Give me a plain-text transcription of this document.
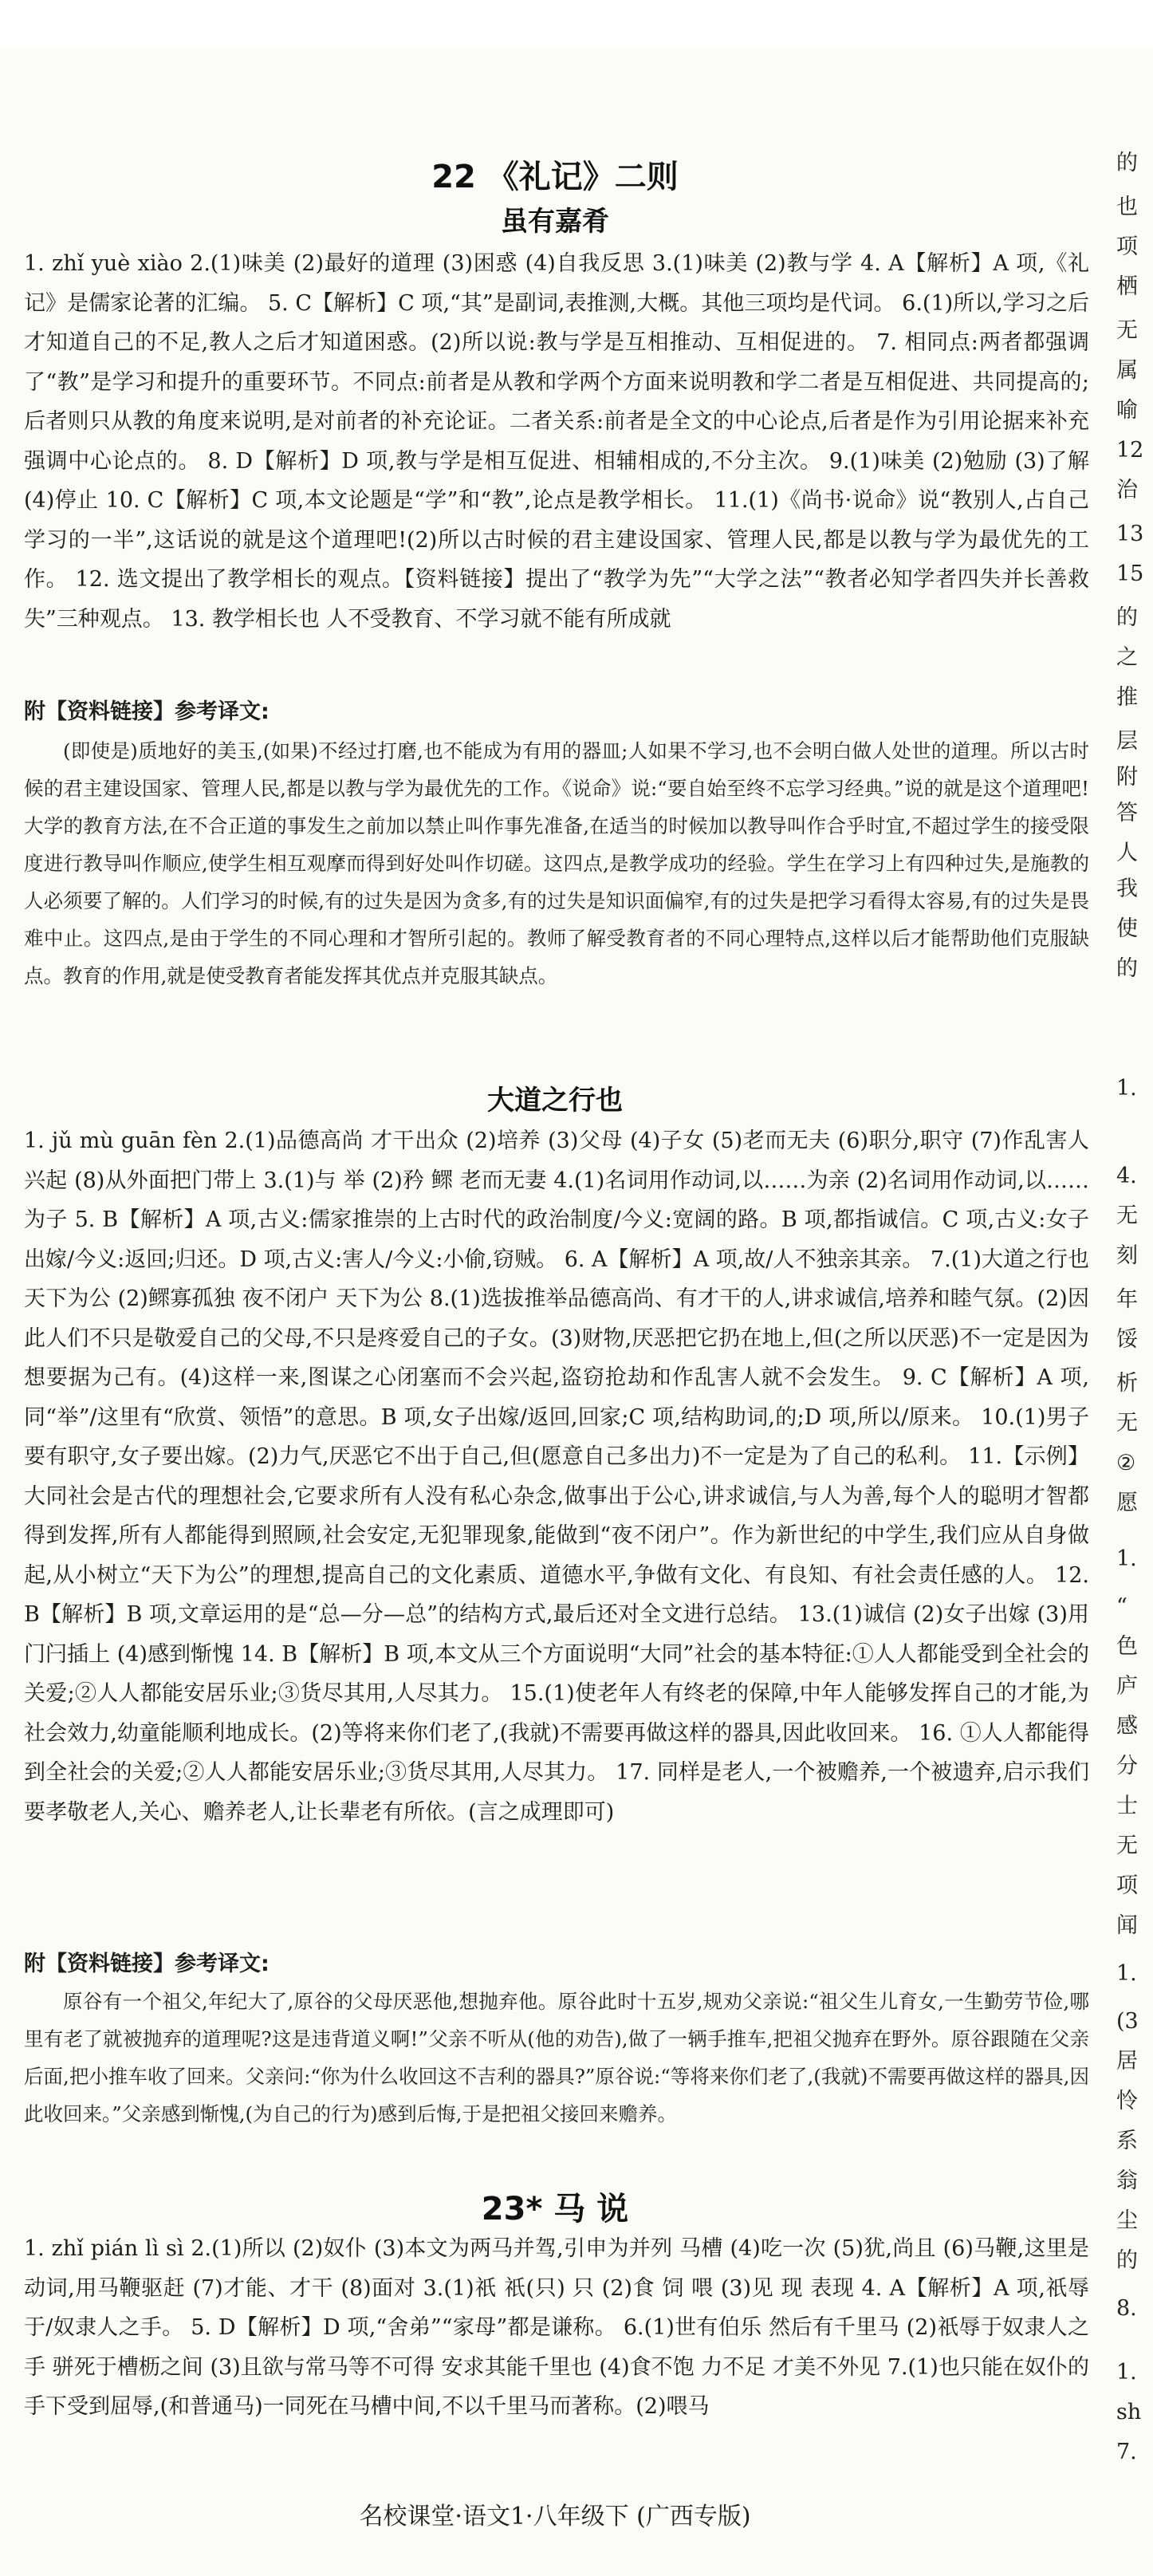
22 《礼记》二则
虽有嘉肴

1. zhǐ yuè xiào 2.(1)味美 (2)最好的道理 (3)困惑 (4)自我反思 3.(1)味美 (2)教与学 4. A【解析】A 项,《礼记》是儒家论著的汇编。 5. C【解析】C 项,“其”是副词,表推测,大概。其他三项均是代词。 6.(1)所以,学习之后才知道自己的不足,教人之后才知道困惑。(2)所以说:教与学是互相推动、互相促进的。 7. 相同点:两者都强调了“教”是学习和提升的重要环节。不同点:前者是从教和学两个方面来说明教和学二者是互相促进、共同提高的;后者则只从教的角度来说明,是对前者的补充论证。二者关系:前者是全文的中心论点,后者是作为引用论据来补充强调中心论点的。 8. D【解析】D 项,教与学是相互促进、相辅相成的,不分主次。 9.(1)味美 (2)勉励 (3)了解 (4)停止 10. C【解析】C 项,本文论题是“学”和“教”,论点是教学相长。 11.(1)《尚书·说命》说“教别人,占自己学习的一半”,这话说的就是这个道理吧!(2)所以古时候的君主建设国家、管理人民,都是以教与学为最优先的工作。 12. 选文提出了教学相长的观点。【资料链接】提出了“教学为先”“大学之法”“教者必知学者四失并长善救失”三种观点。 13. 教学相长也 人不受教育、不学习就不能有所成就

附【资料链接】参考译文:

(即使是)质地好的美玉,(如果)不经过打磨,也不能成为有用的器皿;人如果不学习,也不会明白做人处世的道理。所以古时候的君主建设国家、管理人民,都是以教与学为最优先的工作。《说命》说:“要自始至终不忘学习经典。”说的就是这个道理吧!大学的教育方法,在不合正道的事发生之前加以禁止叫作事先准备,在适当的时候加以教导叫作合乎时宜,不超过学生的接受限度进行教导叫作顺应,使学生相互观摩而得到好处叫作切磋。这四点,是教学成功的经验。学生在学习上有四种过失,是施教的人必须要了解的。人们学习的时候,有的过失是因为贪多,有的过失是知识面偏窄,有的过失是把学习看得太容易,有的过失是畏难中止。这四点,是由于学生的不同心理和才智所引起的。教师了解受教育者的不同心理特点,这样以后才能帮助他们克服缺点。教育的作用,就是使受教育者能发挥其优点并克服其缺点。

大道之行也

1. jǔ mù guān fèn 2.(1)品德高尚 才干出众 (2)培养 (3)父母 (4)子女 (5)老而无夫 (6)职分,职守 (7)作乱害人 兴起 (8)从外面把门带上 3.(1)与 举 (2)矜 鳏 老而无妻 4.(1)名词用作动词,以……为亲 (2)名词用作动词,以……为子 5. B【解析】A 项,古义:儒家推崇的上古时代的政治制度/今义:宽阔的路。B 项,都指诚信。C 项,古义:女子出嫁/今义:返回;归还。D 项,古义:害人/今义:小偷,窃贼。 6. A【解析】A 项,故/人不独亲其亲。 7.(1)大道之行也 天下为公 (2)鳏寡孤独 夜不闭户 天下为公 8.(1)选拔推举品德高尚、有才干的人,讲求诚信,培养和睦气氛。(2)因此人们不只是敬爱自己的父母,不只是疼爱自己的子女。(3)财物,厌恶把它扔在地上,但(之所以厌恶)不一定是因为想要据为己有。(4)这样一来,图谋之心闭塞而不会兴起,盗窃抢劫和作乱害人就不会发生。 9. C【解析】A 项,同“举”/这里有“欣赏、领悟”的意思。B 项,女子出嫁/返回,回家;C 项,结构助词,的;D 项,所以/原来。 10.(1)男子要有职守,女子要出嫁。(2)力气,厌恶它不出于自己,但(愿意自己多出力)不一定是为了自己的私利。 11.【示例】大同社会是古代的理想社会,它要求所有人没有私心杂念,做事出于公心,讲求诚信,与人为善,每个人的聪明才智都得到发挥,所有人都能得到照顾,社会安定,无犯罪现象,能做到“夜不闭户”。作为新世纪的中学生,我们应从自身做起,从小树立“天下为公”的理想,提高自己的文化素质、道德水平,争做有文化、有良知、有社会责任感的人。 12. B【解析】B 项,文章运用的是“总—分—总”的结构方式,最后还对全文进行总结。 13.(1)诚信 (2)女子出嫁 (3)用门闩插上 (4)感到惭愧 14. B【解析】B 项,本文从三个方面说明“大同”社会的基本特征:①人人都能受到全社会的关爱;②人人都能安居乐业;③货尽其用,人尽其力。 15.(1)使老年人有终老的保障,中年人能够发挥自己的才能,为社会效力,幼童能顺利地成长。(2)等将来你们老了,(我就)不需要再做这样的器具,因此收回来。 16. ①人人都能得到全社会的关爱;②人人都能安居乐业;③货尽其用,人尽其力。 17. 同样是老人,一个被赡养,一个被遗弃,启示我们要孝敬老人,关心、赡养老人,让长辈老有所依。(言之成理即可)

附【资料链接】参考译文:

原谷有一个祖父,年纪大了,原谷的父母厌恶他,想抛弃他。原谷此时十五岁,规劝父亲说:“祖父生儿育女,一生勤劳节俭,哪里有老了就被抛弃的道理呢?这是违背道义啊!”父亲不听从(他的劝告),做了一辆手推车,把祖父抛弃在野外。原谷跟随在父亲后面,把小推车收了回来。父亲问:“你为什么收回这不吉利的器具?”原谷说:“等将来你们老了,(我就)不需要再做这样的器具,因此收回来。”父亲感到惭愧,(为自己的行为)感到后悔,于是把祖父接回来赡养。

23* 马 说

1. zhǐ pián lì sì 2.(1)所以 (2)奴仆 (3)本文为两马并驾,引申为并列 马槽 (4)吃一次 (5)犹,尚且 (6)马鞭,这里是动词,用马鞭驱赶 (7)才能、才干 (8)面对 3.(1)祇 祇(只) 只 (2)食 饲 喂 (3)见 现 表现 4. A【解析】A 项,祇辱于/奴隶人之手。 5. D【解析】D 项,“舍弟”“家母”都是谦称。 6.(1)世有伯乐 然后有千里马 (2)祇辱于奴隶人之手 骈死于槽枥之间 (3)且欲与常马等不可得 安求其能千里也 (4)食不饱 力不足 才美不外见 7.(1)也只能在奴仆的手下受到屈辱,(和普通马)一同死在马槽中间,不以千里马而著称。(2)喂马

名校课堂·语文1·八年级下 (广西专版)
的
也
项
栖
无
属
喻
12
治
13
15
的
之
推
层
附
答
人
我
使
的
1.
4.
无
刻
年
馁
析
无
②
愿
1.
“
色
庐
感
分
士
无
项
闻
1.
(3
居
怜
系
翁
尘
的
8.
1.
sh
7.
